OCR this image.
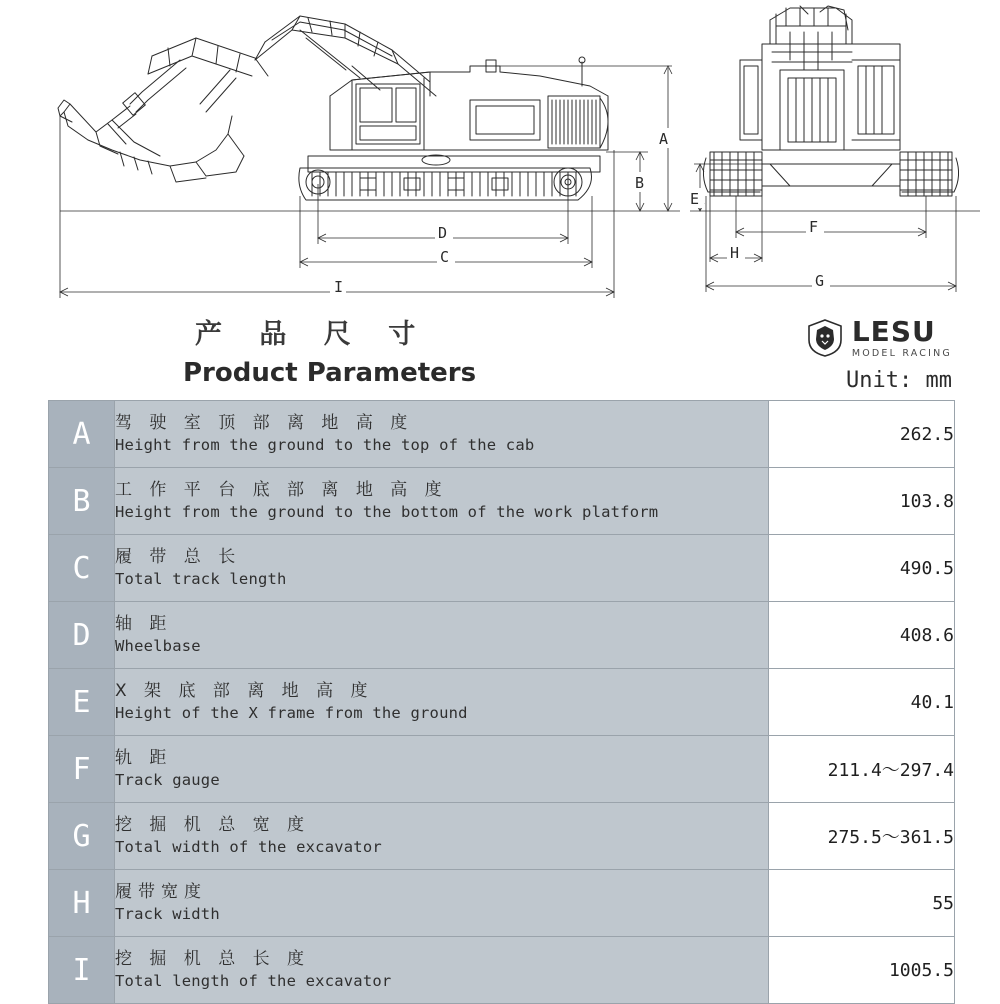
A
B
D
C
I
E
F
H
G
产 品 尺 寸
Product Parameters
LESU
MODEL RACING
Unit: mm
A	驾 驶 室 顶 部 离 地 高 度
Height from the ground to the top of the cab	262.5
B	工 作 平 台 底 部 离 地 高 度
Height from the ground to the bottom of the work platform	103.8
C	履 带 总 长
Total track length	490.5
D	轴 距
Wheelbase	408.6
E	X 架 底 部 离 地 高 度
Height of the X frame from the ground	40.1
F	轨 距
Track gauge	211.4～297.4
G	挖 掘 机 总 宽 度
Total width of the excavator	275.5～361.5
H	履带宽度
Track width	55
I	挖 掘 机 总 长 度
Total length of the excavator	1005.5
